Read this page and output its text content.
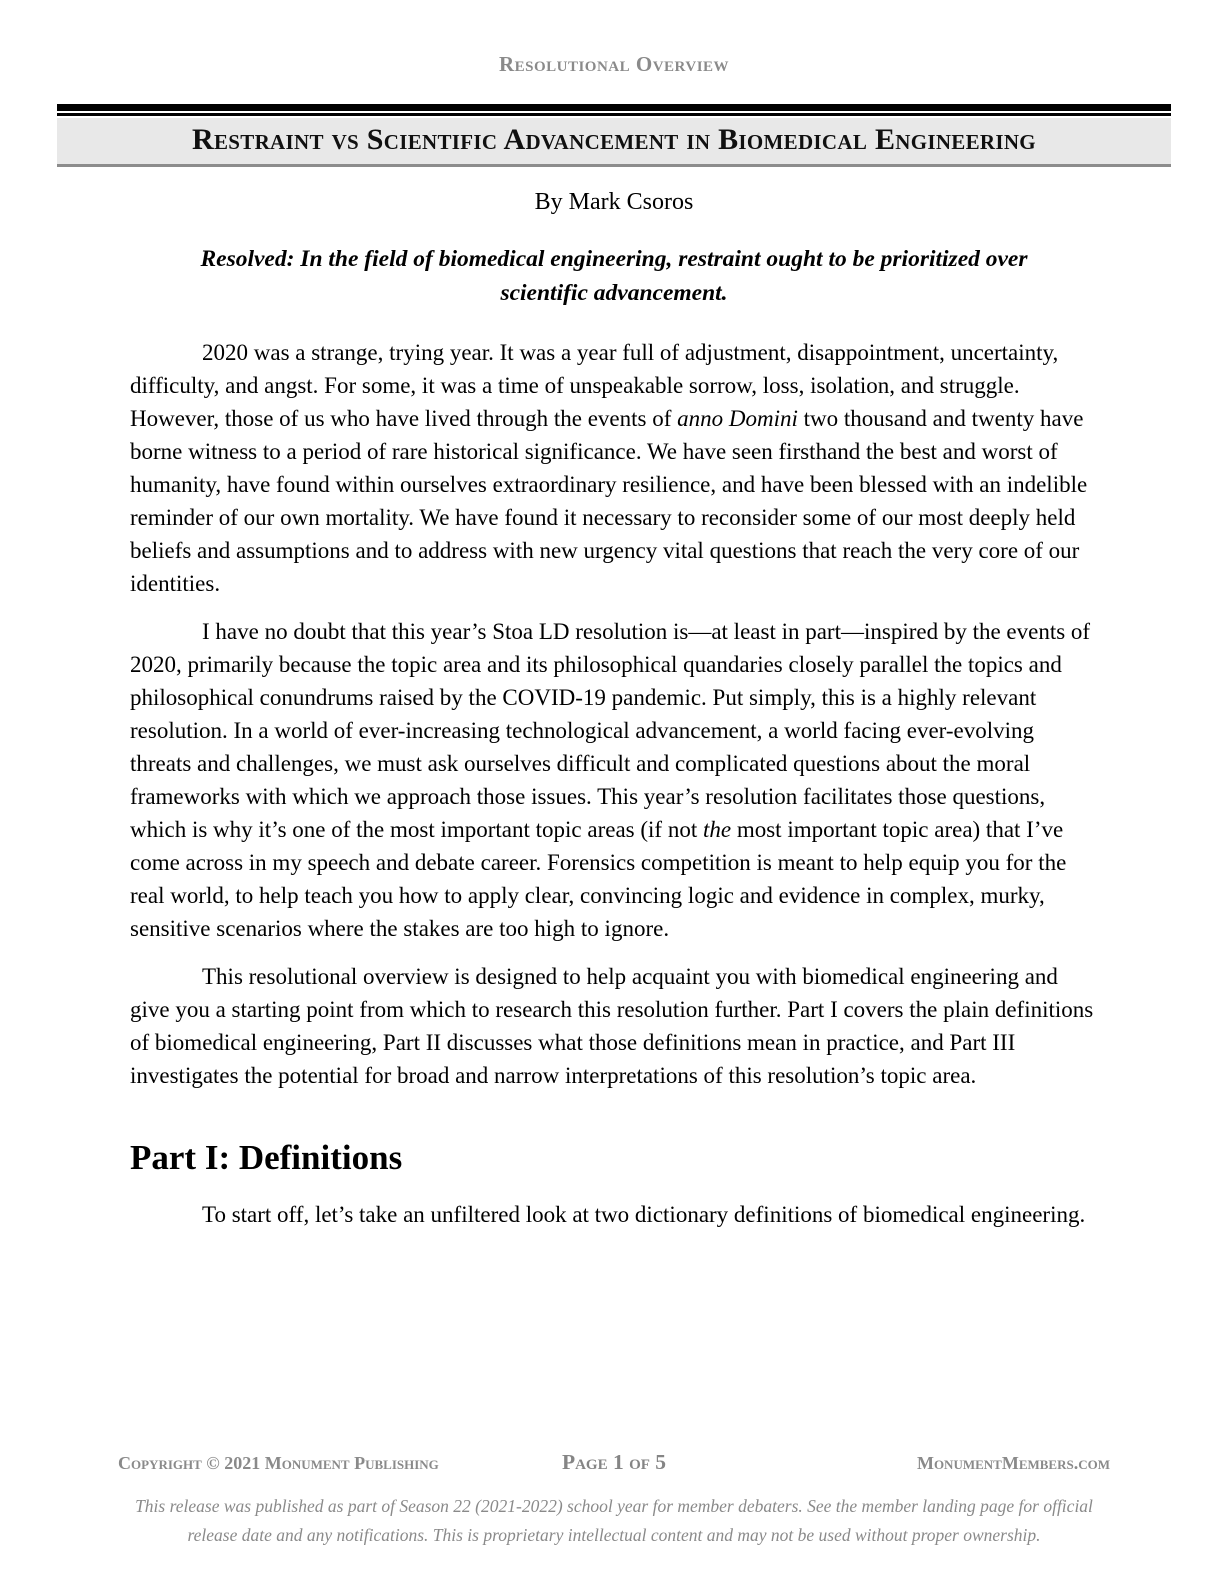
Resolutional Overview
Restraint vs Scientific Advancement in Biomedical Engineering
By Mark Csoros
Resolved: In the field of biomedical engineering, restraint ought to be prioritized over scientific advancement.

2020 was a strange, trying year. It was a year full of adjustment, disappointment, uncertainty, difficulty, and angst. For some, it was a time of unspeakable sorrow, loss, isolation, and struggle. However, those of us who have lived through the events of anno Domini two thousand and twenty have borne witness to a period of rare historical significance. We have seen firsthand the best and worst of humanity, have found within ourselves extraordinary resilience, and have been blessed with an indelible reminder of our own mortality. We have found it necessary to reconsider some of our most deeply held beliefs and assumptions and to address with new urgency vital questions that reach the very core of our identities.

I have no doubt that this year’s Stoa LD resolution is—at least in part—inspired by the events of 2020, primarily because the topic area and its philosophical quandaries closely parallel the topics and philosophical conundrums raised by the COVID-19 pandemic. Put simply, this is a highly relevant resolution. In a world of ever-increasing technological advancement, a world facing ever-evolving threats and challenges, we must ask ourselves difficult and complicated questions about the moral frameworks with which we approach those issues. This year’s resolution facilitates those questions, which is why it’s one of the most important topic areas (if not the most important topic area) that I’ve come across in my speech and debate career. Forensics competition is meant to help equip you for the real world, to help teach you how to apply clear, convincing logic and evidence in complex, murky, sensitive scenarios where the stakes are too high to ignore.

This resolutional overview is designed to help acquaint you with biomedical engineering and give you a starting point from which to research this resolution further. Part I covers the plain definitions of biomedical engineering, Part II discusses what those definitions mean in practice, and Part III investigates the potential for broad and narrow interpretations of this resolution’s topic area.

Part I: Definitions

To start off, let’s take an unfiltered look at two dictionary definitions of biomedical engineering.

Copyright © 2021 Monument Publishing	Page 1 of 5	MonumentMembers.com
This release was published as part of Season 22 (2021-2022) school year for member debaters. See the member landing page for official release date and any notifications. This is proprietary intellectual content and may not be used without proper ownership.
